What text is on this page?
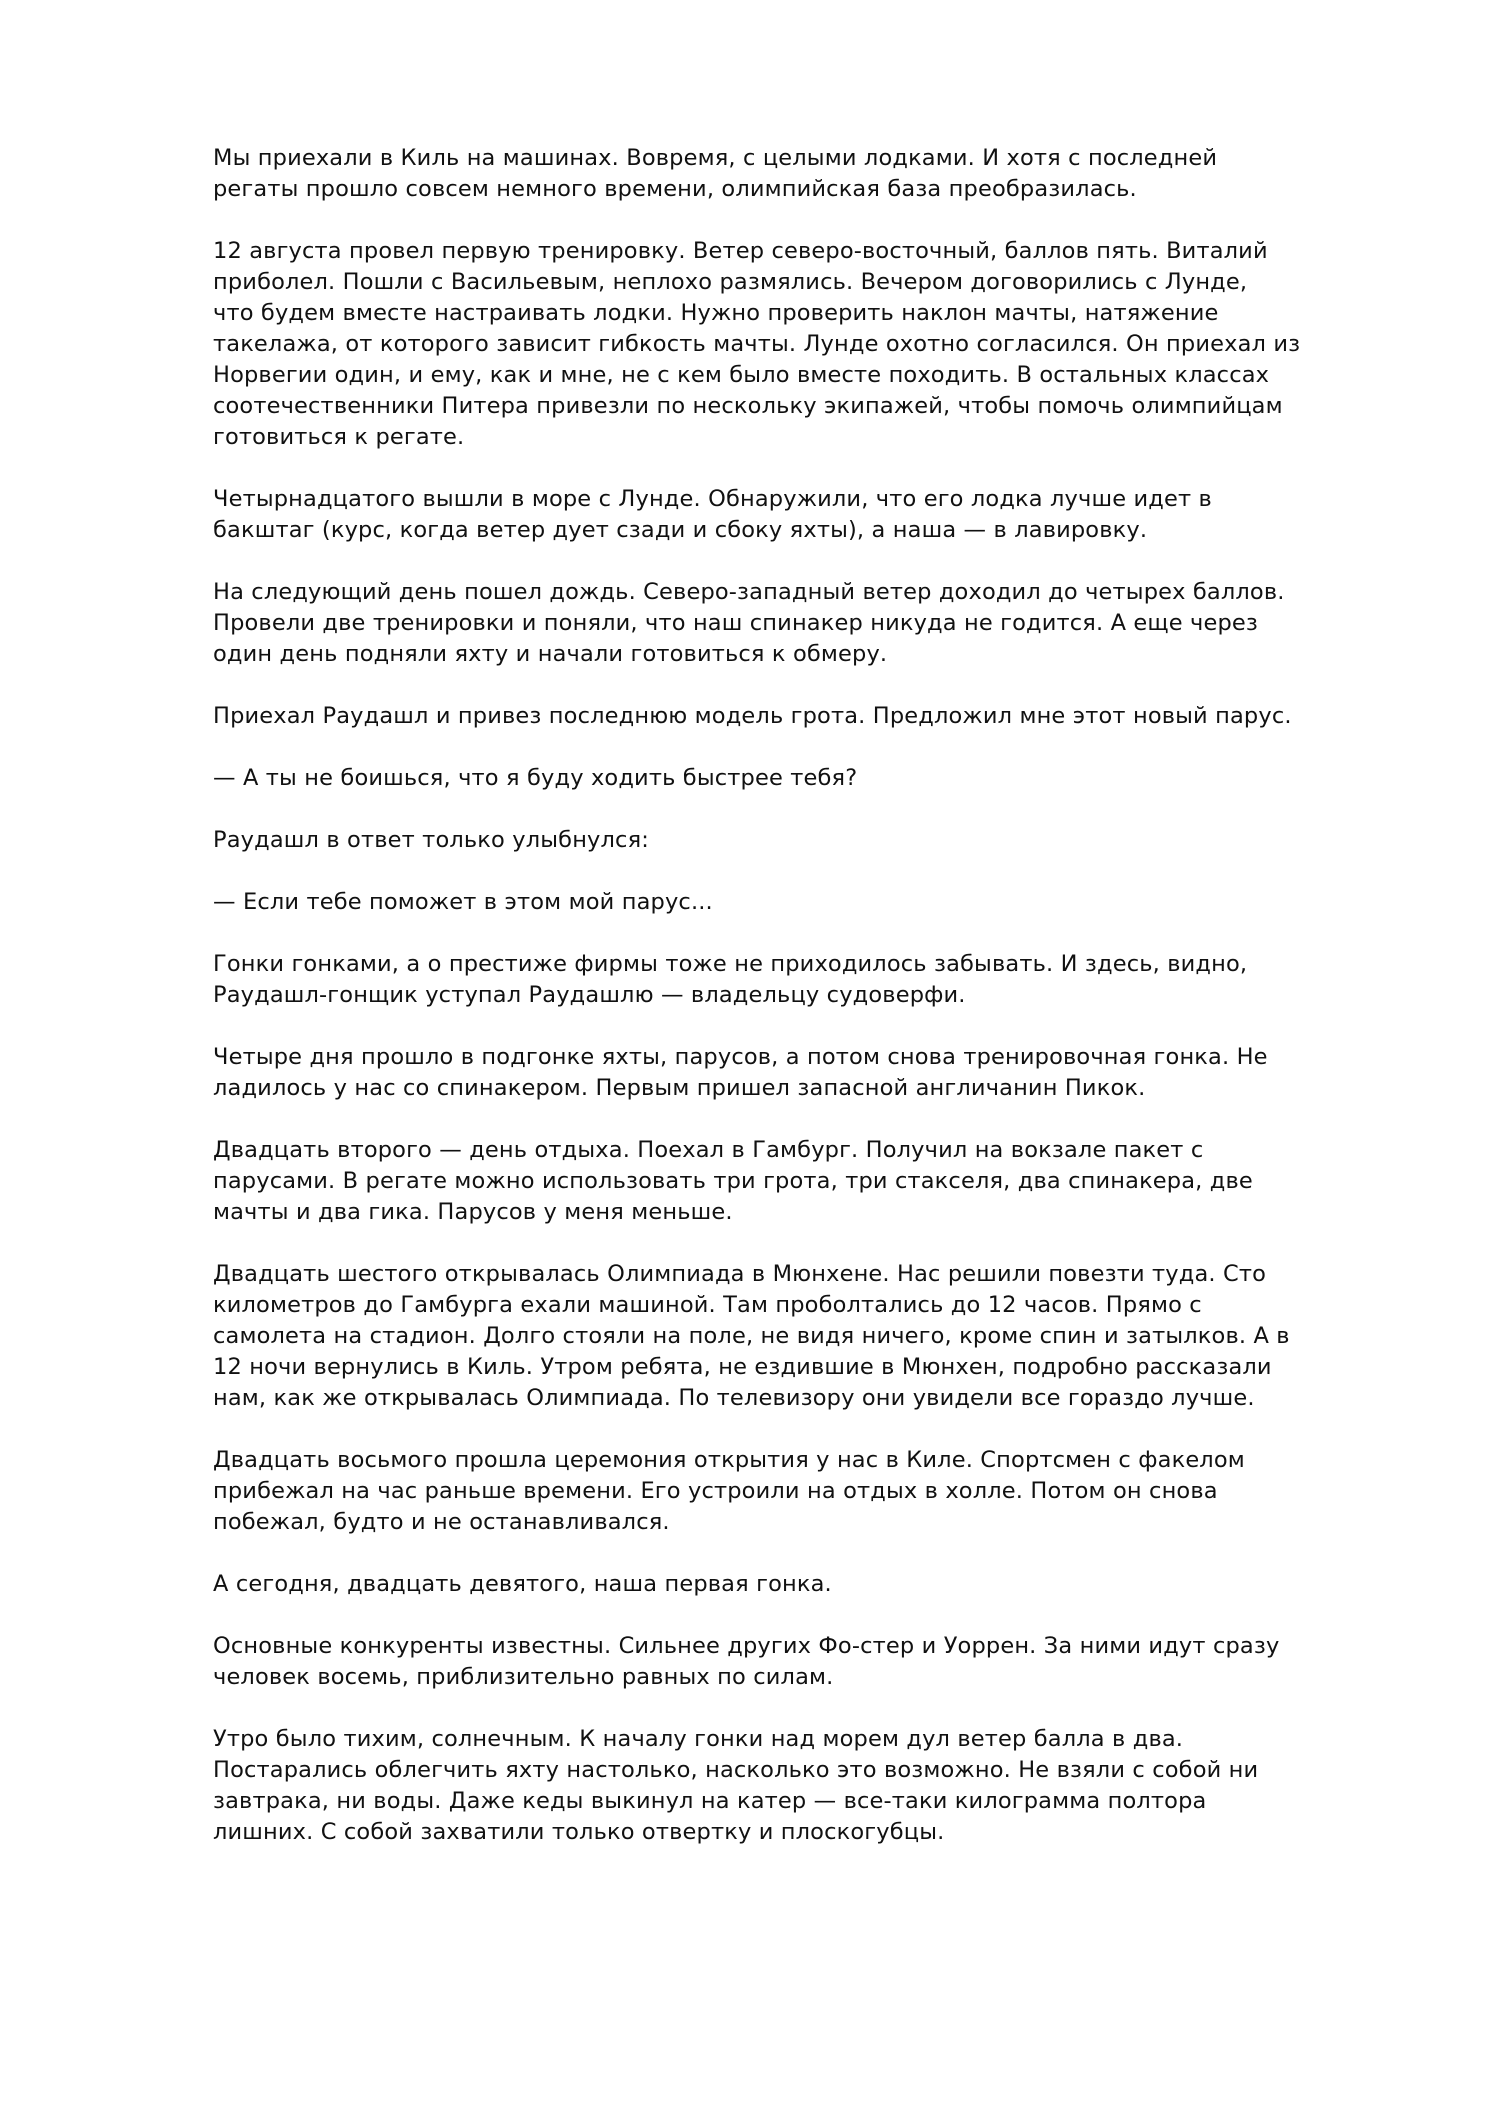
Мы приехали в Киль на машинах. Вовремя, с целыми лодками. И хотя с последней
регаты прошло совсем немного времени, олимпийская база преобразилась.

12 августа провел первую тренировку. Ветер северо-восточный, баллов пять. Виталий
приболел. Пошли с Васильевым, неплохо размялись. Вечером договорились с Лунде,
что будем вместе настраивать лодки. Нужно проверить наклон мачты, натяжение
такелажа, от которого зависит гибкость мачты. Лунде охотно согласился. Он приехал из
Норвегии один, и ему, как и мне, не с кем было вместе походить. В остальных классах
соотечественники Питера привезли по нескольку экипажей, чтобы помочь олимпийцам
готовиться к регате.

Четырнадцатого вышли в море с Лунде. Обнаружили, что его лодка лучше идет в
бакштаг (курс, когда ветер дует сзади и сбоку яхты), а наша — в лавировку.

На следующий день пошел дождь. Северо-западный ветер доходил до четырех баллов.
Провели две тренировки и поняли, что наш спинакер никуда не годится. А еще через
один день подняли яхту и начали готовиться к обмеру.

Приехал Раудашл и привез последнюю модель грота. Предложил мне этот новый парус.

— А ты не боишься, что я буду ходить быстрее тебя?

Раудашл в ответ только улыбнулся:

— Если тебе поможет в этом мой парус...

Гонки гонками, а о престиже фирмы тоже не приходилось забывать. И здесь, видно,
Раудашл-гонщик уступал Раудашлю — владельцу судоверфи.

Четыре дня прошло в подгонке яхты, парусов, а потом снова тренировочная гонка. Не
ладилось у нас со спинакером. Первым пришел запасной англичанин Пикок.

Двадцать второго — день отдыха. Поехал в Гамбург. Получил на вокзале пакет с
парусами. В регате можно использовать три грота, три стакселя, два спинакера, две
мачты и два гика. Парусов у меня меньше.

Двадцать шестого открывалась Олимпиада в Мюнхене. Нас решили повезти туда. Сто
километров до Гамбурга ехали машиной. Там проболтались до 12 часов. Прямо с
самолета на стадион. Долго стояли на поле, не видя ничего, кроме спин и затылков. А в
12 ночи вернулись в Киль. Утром ребята, не ездившие в Мюнхен, подробно рассказали
нам, как же открывалась Олимпиада. По телевизору они увидели все гораздо лучше.

Двадцать восьмого прошла церемония открытия у нас в Киле. Спортсмен с факелом
прибежал на час раньше времени. Его устроили на отдых в холле. Потом он снова
побежал, будто и не останавливался.

А сегодня, двадцать девятого, наша первая гонка.

Основные конкуренты известны. Сильнее других Фо-стер и Уоррен. За ними идут сразу
человек восемь, приблизительно равных по силам.

Утро было тихим, солнечным. К началу гонки над морем дул ветер балла в два.
Постарались облегчить яхту настолько, насколько это возможно. Не взяли с собой ни
завтрака, ни воды. Даже кеды выкинул на катер — все-таки килограмма полтора
лишних. С собой захватили только отвертку и плоскогубцы.
